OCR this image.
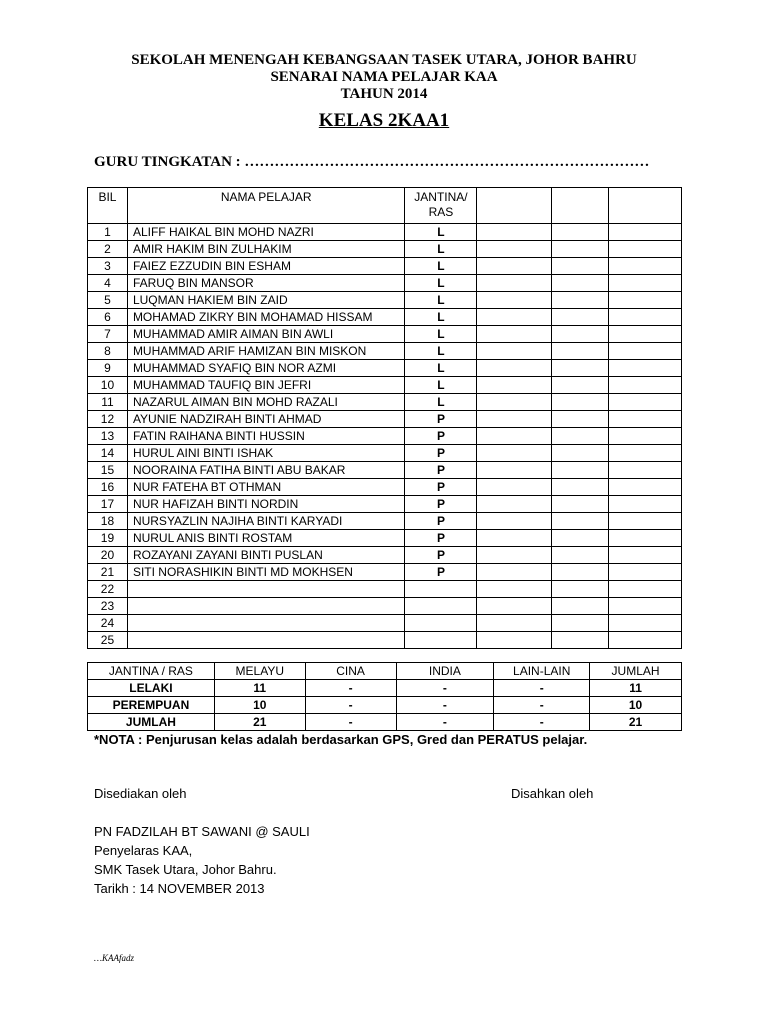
SEKOLAH MENENGAH KEBANGSAAN TASEK UTARA, JOHOR BAHRU
SENARAI NAMA PELAJAR KAA
TAHUN 2014
KELAS 2KAA1
GURU TINGKATAN : ………………………………………………………………………
BIL	NAMA PELAJAR	JANTINA/ RAS			
1	ALIFF HAIKAL BIN MOHD NAZRI	L			
2	AMIR HAKIM BIN ZULHAKIM	L			
3	FAIEZ EZZUDIN BIN ESHAM	L			
4	FARUQ BIN MANSOR	L			
5	LUQMAN HAKIEM BIN ZAID	L			
6	MOHAMAD ZIKRY BIN MOHAMAD HISSAM	L			
7	MUHAMMAD AMIR AIMAN BIN AWLI	L			
8	MUHAMMAD ARIF HAMIZAN BIN MISKON	L			
9	MUHAMMAD SYAFIQ BIN NOR AZMI	L			
10	MUHAMMAD TAUFIQ BIN JEFRI	L			
11	NAZARUL AIMAN BIN MOHD RAZALI	L			
12	AYUNIE NADZIRAH BINTI AHMAD	P			
13	FATIN RAIHANA BINTI HUSSIN	P			
14	HURUL AINI BINTI ISHAK	P			
15	NOORAINA FATIHA BINTI ABU BAKAR	P			
16	NUR FATEHA BT OTHMAN	P			
17	NUR HAFIZAH BINTI NORDIN	P			
18	NURSYAZLIN NAJIHA BINTI KARYADI	P			
19	NURUL ANIS BINTI ROSTAM	P			
20	ROZAYANI ZAYANI BINTI PUSLAN	P			
21	SITI NORASHIKIN BINTI MD MOKHSEN	P			
22					
23					
24					
25					
JANTINA / RAS	MELAYU	CINA	INDIA	LAIN-LAIN	JUMLAH
LELAKI	11	-	-	-	11
PEREMPUAN	10	-	-	-	10
JUMLAH	21	-	-	-	21
*NOTA : Penjurusan kelas adalah berdasarkan GPS, Gred dan PERATUS pelajar.
Disediakan oleh	Disahkan oleh
PN FADZILAH BT SAWANI @ SAULI
Penyelaras KAA,
SMK Tasek Utara, Johor Bahru.
Tarikh : 14 NOVEMBER 2013
…KAAfadz
